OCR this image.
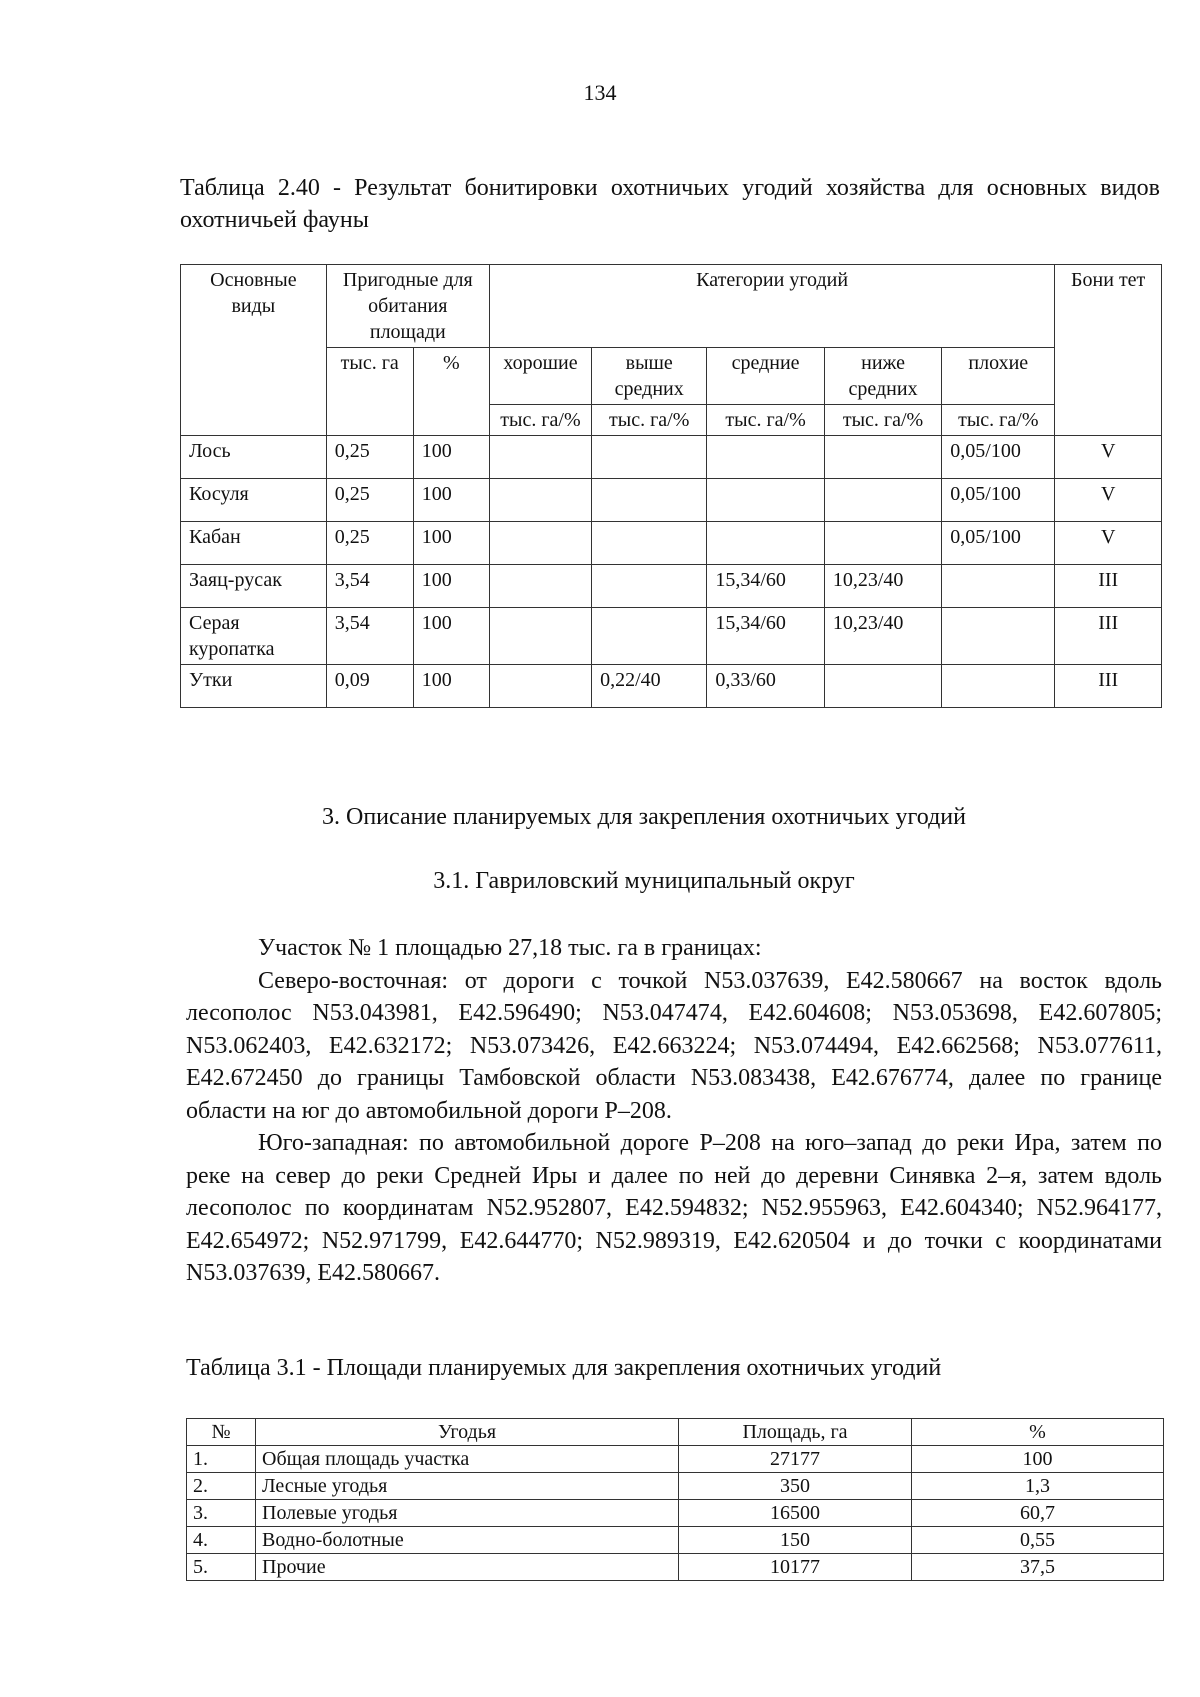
134
Таблица 2.40 - Результат бонитировки охотничьих угодий хозяйства для основных видов охотничьей фауны
Основные виды	Пригодные для обитания площади		Категории угодий					Бони тет
	тыс. га	%	хорошие	выше средних	средние	ниже средних	плохие	
			тыс. га/%	тыс. га/%	тыс. га/%	тыс. га/%	тыс. га/%	
Лось	0,25	100					0,05/100	V
Косуля	0,25	100					0,05/100	V
Кабан	0,25	100					0,05/100	V
Заяц-русак	3,54	100			15,34/60	10,23/40		III
Серая куропатка	3,54	100			15,34/60	10,23/40		III
Утки	0,09	100		0,22/40	0,33/60			III
3. Описание планируемых для закрепления охотничьих угодий
3.1. Гавриловский муниципальный округ

Участок № 1 площадью 27,18 тыс. га в границах:

Северо-восточная: от дороги с точкой N53.037639, E42.580667 на восток вдоль лесополос N53.043981, E42.596490; N53.047474, E42.604608; N53.053698, E42.607805; N53.062403, E42.632172; N53.073426, E42.663224; N53.074494, E42.662568; N53.077611, E42.672450 до границы Тамбовской области N53.083438, E42.676774, далее по границе области на юг до автомобильной дороги Р–208.

Юго-западная: по автомобильной дороге Р–208 на юго–запад до реки Ира, затем по реке на север до реки Средней Иры и далее по ней до деревни Синявка 2–я, затем вдоль лесополос по координатам N52.952807, E42.594832; N52.955963, E42.604340; N52.964177, E42.654972; N52.971799, E42.644770; N52.989319, E42.620504 и до точки с координатами N53.037639, E42.580667.

Таблица 3.1 - Площади планируемых для закрепления охотничьих угодий
№	Угодья	Площадь, га	%
1.	Общая площадь участка	27177	100
2.	Лесные угодья	350	1,3
3.	Полевые угодья	16500	60,7
4.	Водно-болотные	150	0,55
5.	Прочие	10177	37,5
